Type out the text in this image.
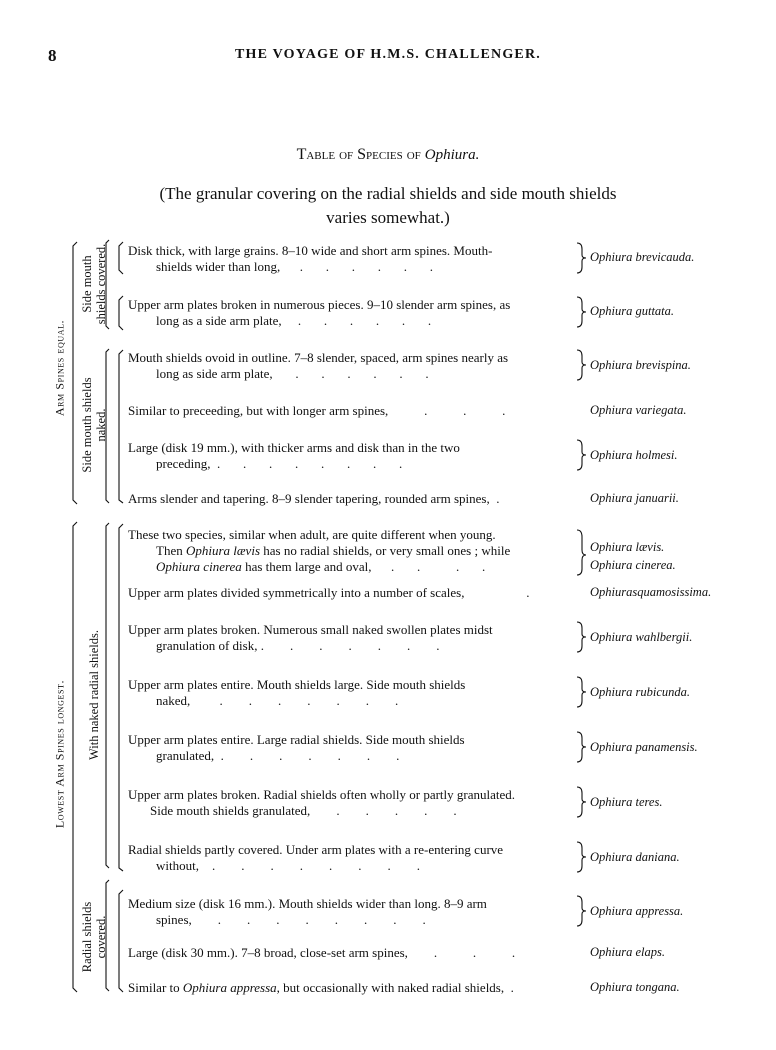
8	THE VOYAGE OF H.M.S. CHALLENGER.
Table of Species of Ophiura.
(The granular covering on the radial shields and side mouth shields
varies somewhat.)
Arm Spines equal.
Lowest Arm Spines longest.
Side mouth shields covered.
Side mouth shields naked.
With naked radial shields.
Radial shields covered.
Disk thick, with large grains. 8–10 wide and short arm spines. Mouth-
shields wider than long,      .       .       .       .       .       .
Ophiura brevicauda.
Upper arm plates broken in numerous pieces. 9–10 slender arm spines, as
long as a side arm plate,     .       .       .       .       .       .
Ophiura guttata.
Mouth shields ovoid in outline. 7–8 slender, spaced, arm spines nearly as
long as side arm plate,       .       .       .       .       .       .
Ophiura brevispina.
Similar to preceeding, but with longer arm spines,           .           .           .	Ophiura variegata.
Large (disk 19 mm.), with thicker arms and disk than in the two
preceding,  .       .       .       .       .       .       .       .
Ophiura holmesi.
Arms slender and tapering. 8–9 slender tapering, rounded arm spines,  .	Ophiura januarii.
These two species, similar when adult, are quite different when young.
Then Ophiura lævis has no radial shields, or very small ones ; while
Ophiura cinerea has them large and oval,      .       .           .       .
Ophiura lævis.
Ophiura cinerea.
Upper arm plates divided symmetrically into a number of scales,                   .	Ophiurasquamosissima.
Upper arm plates broken. Numerous small naked swollen plates midst
granulation of disk, .        .        .        .        .        .        .
Ophiura wahlbergii.
Upper arm plates entire. Mouth shields large. Side mouth shields
naked,         .        .        .        .        .        .        .
Ophiura rubicunda.
Upper arm plates entire. Large radial shields. Side mouth shields
granulated,  .        .        .        .        .        .        .
Ophiura panamensis.
Upper arm plates broken. Radial shields often wholly or partly granulated.
Side mouth shields granulated,        .        .        .        .        .
Ophiura teres.
Radial shields partly covered. Under arm plates with a re-entering curve
without,    .        .        .        .        .        .        .        .
Ophiura daniana.
Medium size (disk 16 mm.). Mouth shields wider than long. 8–9 arm
spines,        .        .        .        .        .        .        .        .
Ophiura appressa.
Large (disk 30 mm.). 7–8 broad, close-set arm spines,        .           .           .	Ophiura elaps.
Similar to Ophiura appressa, but occasionally with naked radial shields,  .	Ophiura tongana.
